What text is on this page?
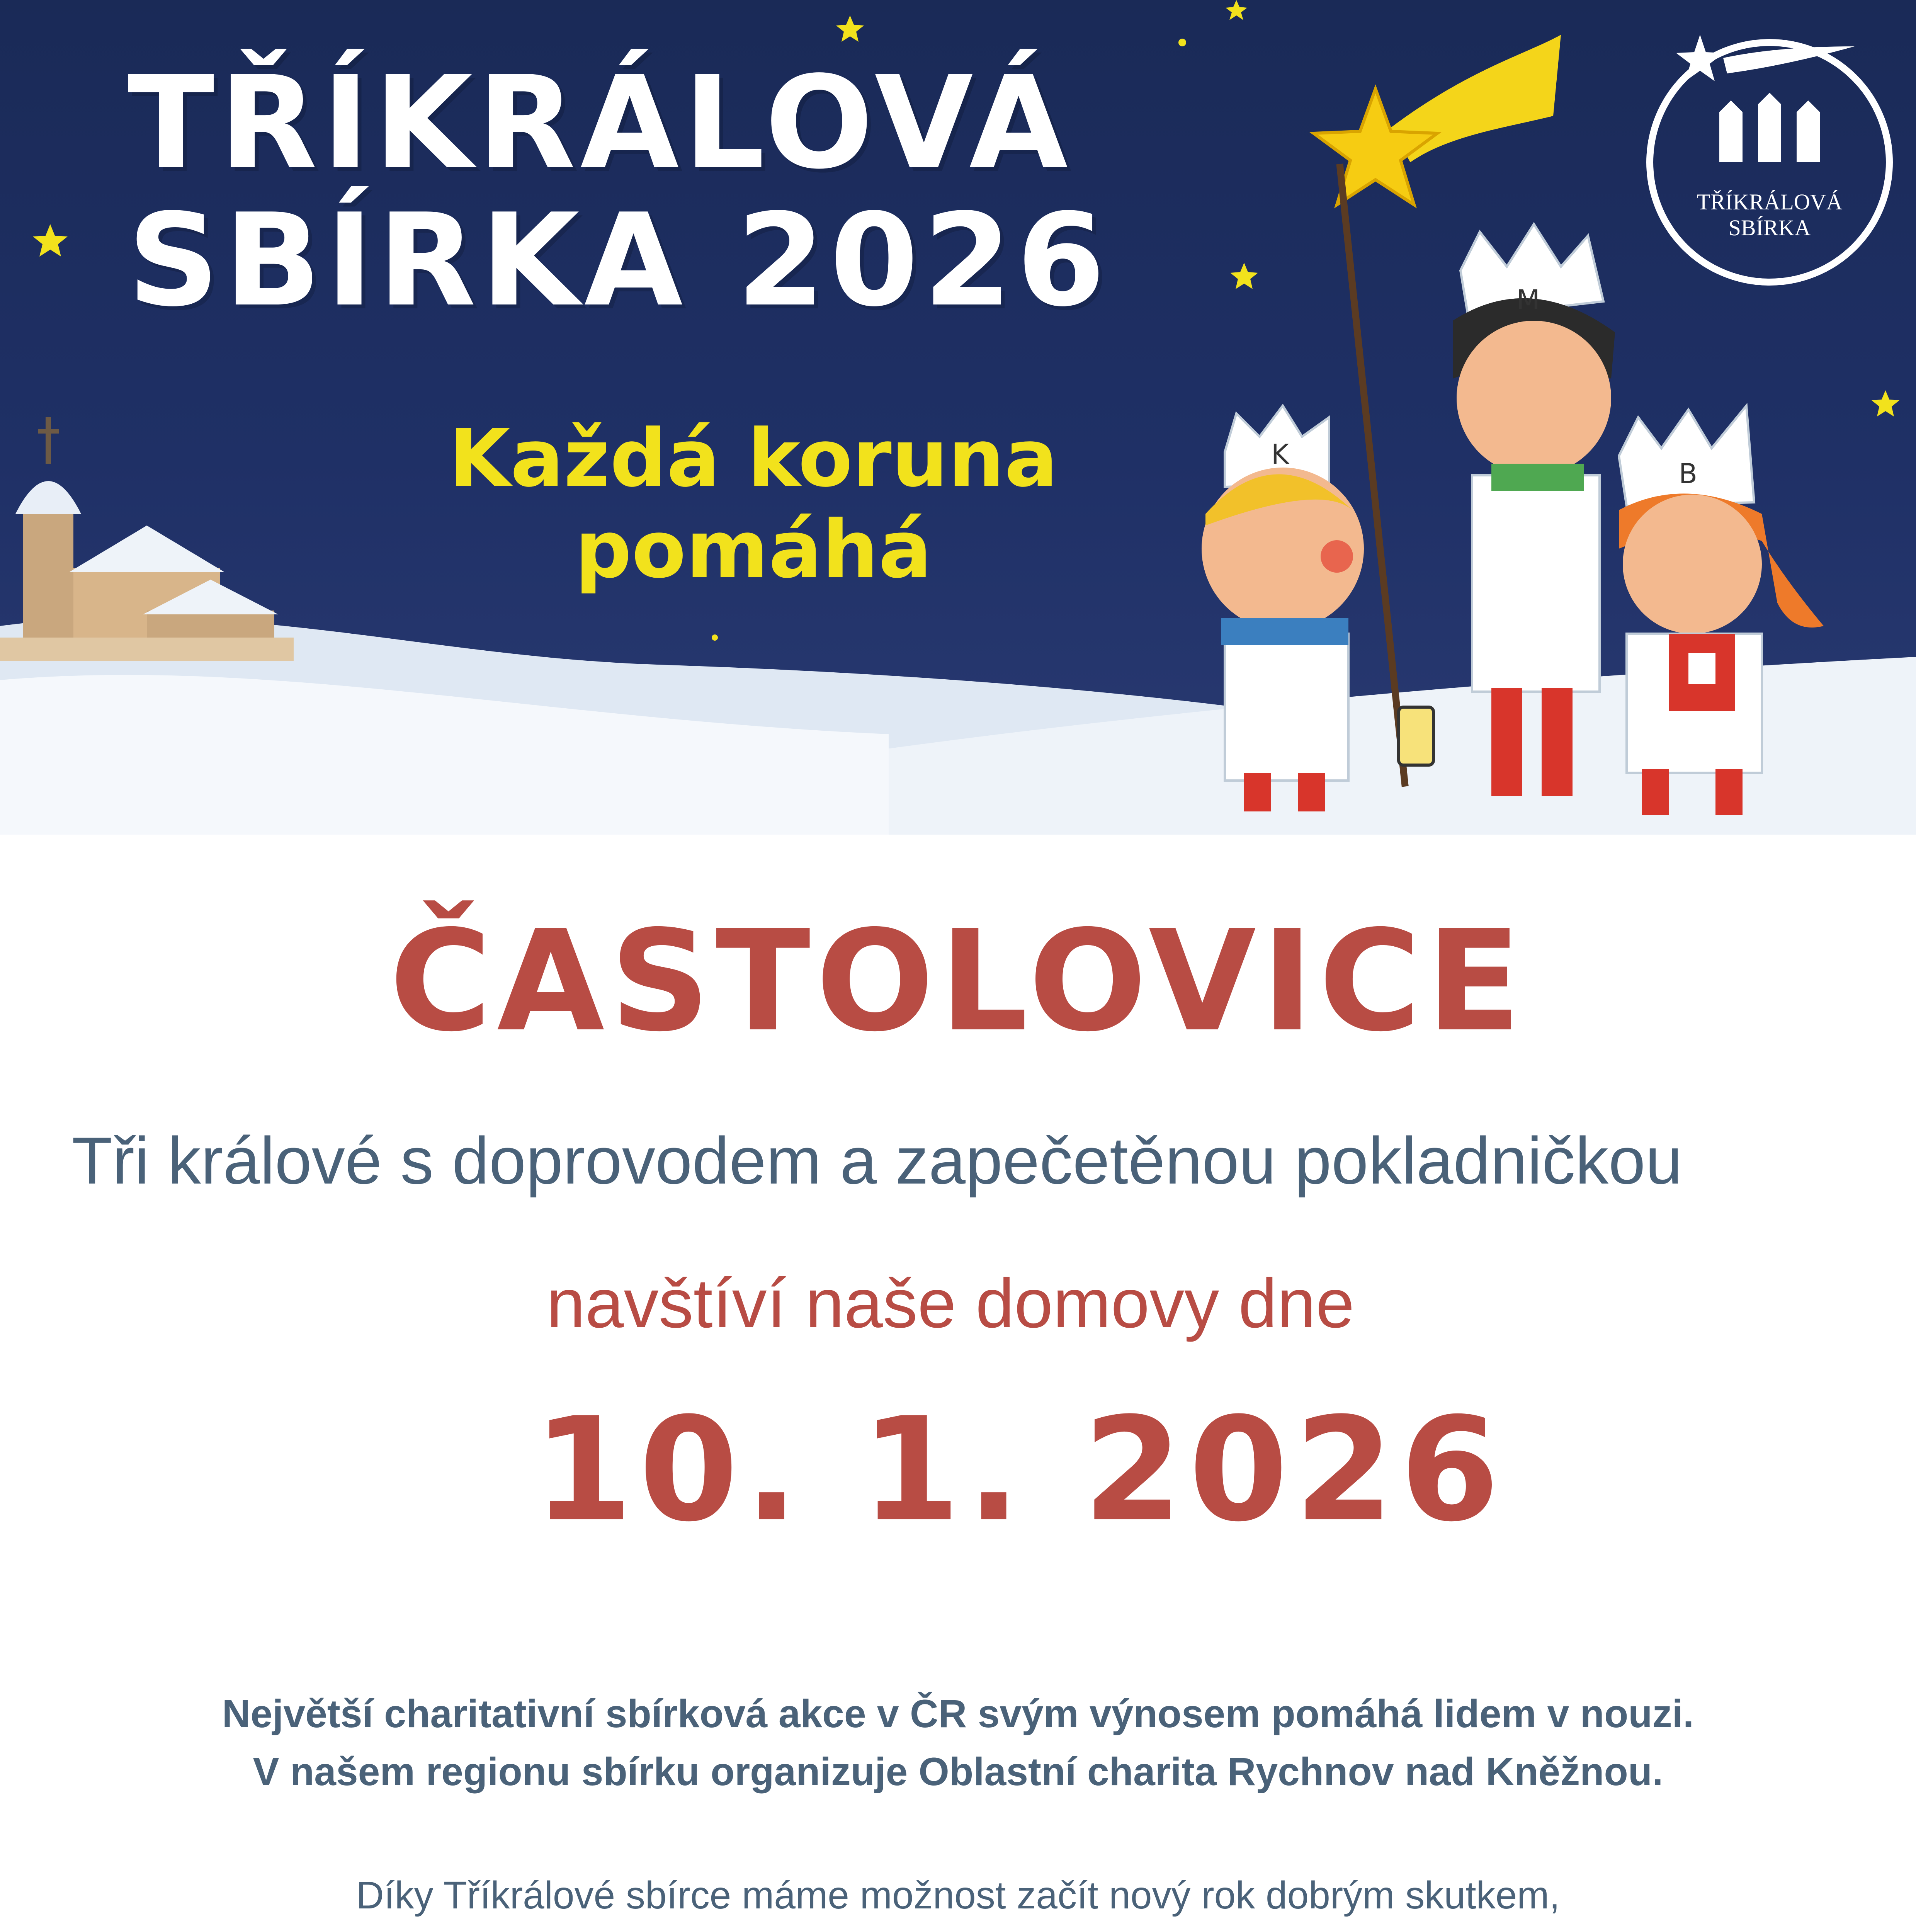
K
M
B
TŘÍKRÁLOVÁ
SBÍRKA 2026
Každá koruna
pomáhá
TŘÍKRÁLOVÁ
SBÍRKA
ČASTOLOVICE
Tři králové s doprovodem a zapečetěnou pokladničkou
navštíví naše domovy dne
10. 1. 2026
Největší charitativní sbírková akce v ČR svým výnosem pomáhá lidem v nouzi.
V našem regionu sbírku organizuje Oblastní charita Rychnov nad Kněžnou.
Díky Tříkrálové sbírce máme možnost začít nový rok dobrým skutkem,
